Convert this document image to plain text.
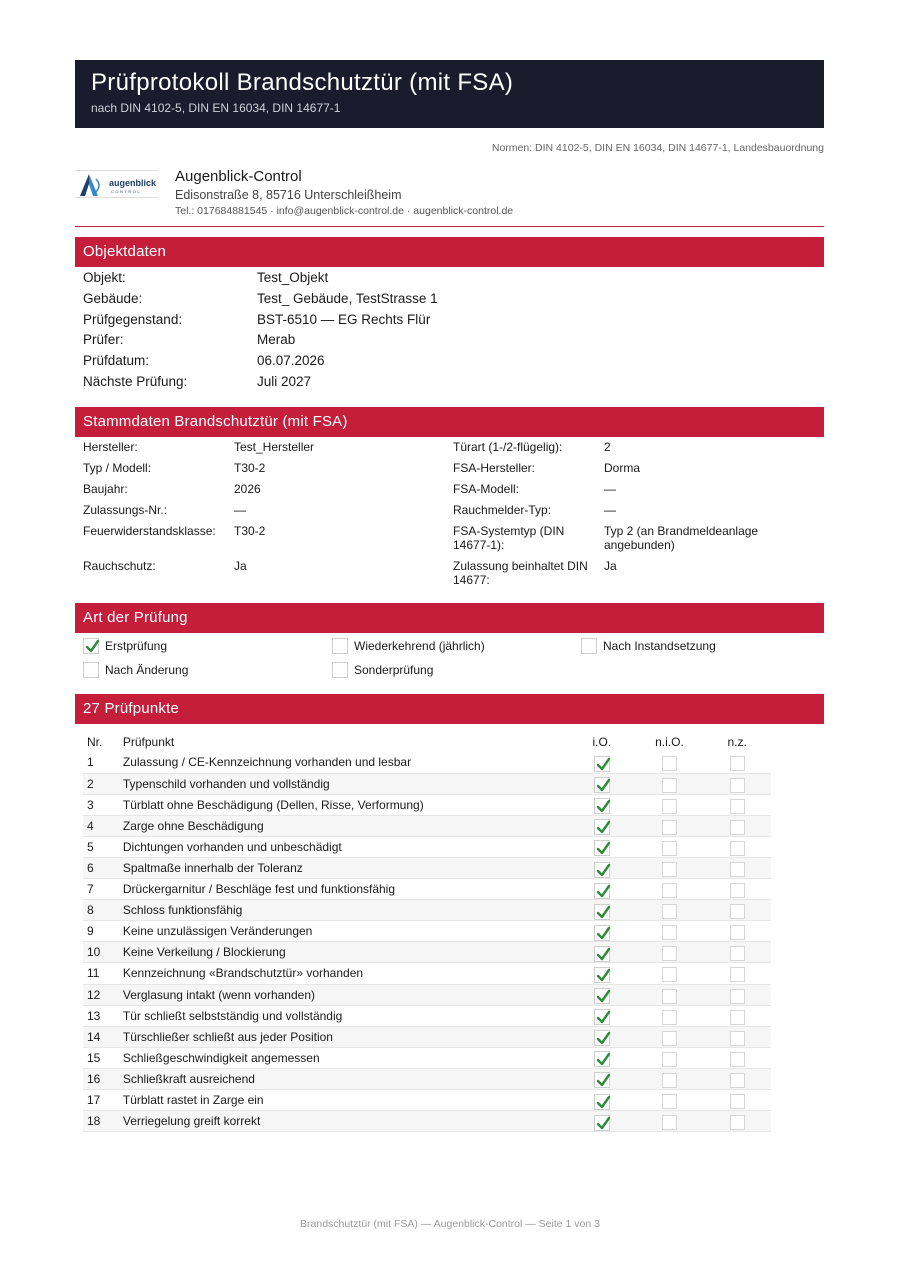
Prüfprotokoll Brandschutztür (mit FSA)
nach DIN 4102-5, DIN EN 16034, DIN 14677-1
Normen: DIN 4102-5, DIN EN 16034, DIN 14677-1, Landesbauordnung
augenblick
CONTROL
Augenblick-Control
Edisonstraße 8, 85716 Unterschleißheim
Tel.: 017684881545 · info@augenblick-control.de · augenblick-control.de
Objektdaten
Objekt:	Test_Objekt
Gebäude:	Test_ Gebäude, TestStrasse 1
Prüfgegenstand:	BST-6510 — EG Rechts Flür
Prüfer:	Merab
Prüfdatum:	06.07.2026
Nächste Prüfung:	Juli 2027
Stammdaten Brandschutztür (mit FSA)
Hersteller:	Test_Hersteller	Türart (1-/2-flügelig):	2
Typ / Modell:	T30-2	FSA-Hersteller:	Dorma
Baujahr:	2026	FSA-Modell:	—
Zulassungs-Nr.:	—	Rauchmelder-Typ:	—
Feuerwiderstandsklasse:	T30-2	FSA-Systemtyp (DIN 14677-1):
Typ 2 (an Brandmeldeanlage angebunden)
Rauchschutz:	Ja	Zulassung beinhaltet DIN 14677:
Ja
Art der Prüfung
Erstprüfung	Wiederkehrend (jährlich)	Nach Instandsetzung
Nach Änderung	Sonderprüfung
27 Prüfpunkte
Nr.	Prüfpunkt	i.O.	n.i.O.	n.z.
1	Zulassung / CE-Kennzeichnung vorhanden und lesbar	

2	Typenschild vorhanden und vollständig	

3	Türblatt ohne Beschädigung (Dellen, Risse, Verformung)	

4	Zarge ohne Beschädigung	

5	Dichtungen vorhanden und unbeschädigt	

6	Spaltmaße innerhalb der Toleranz	

7	Drückergarnitur / Beschläge fest und funktionsfähig	

8	Schloss funktionsfähig	

9	Keine unzulässigen Veränderungen	

10	Keine Verkeilung / Blockierung	

11	Kennzeichnung «Brandschutztür» vorhanden	

12	Verglasung intakt (wenn vorhanden)	

13	Tür schließt selbstständig und vollständig	

14	Türschließer schließt aus jeder Position	

15	Schließgeschwindigkeit angemessen	

16	Schließkraft ausreichend	

17	Türblatt rastet in Zarge ein	

18	Verriegelung greift korrekt	

Brandschutztür (mit FSA) — Augenblick-Control — Seite 1 von 3
